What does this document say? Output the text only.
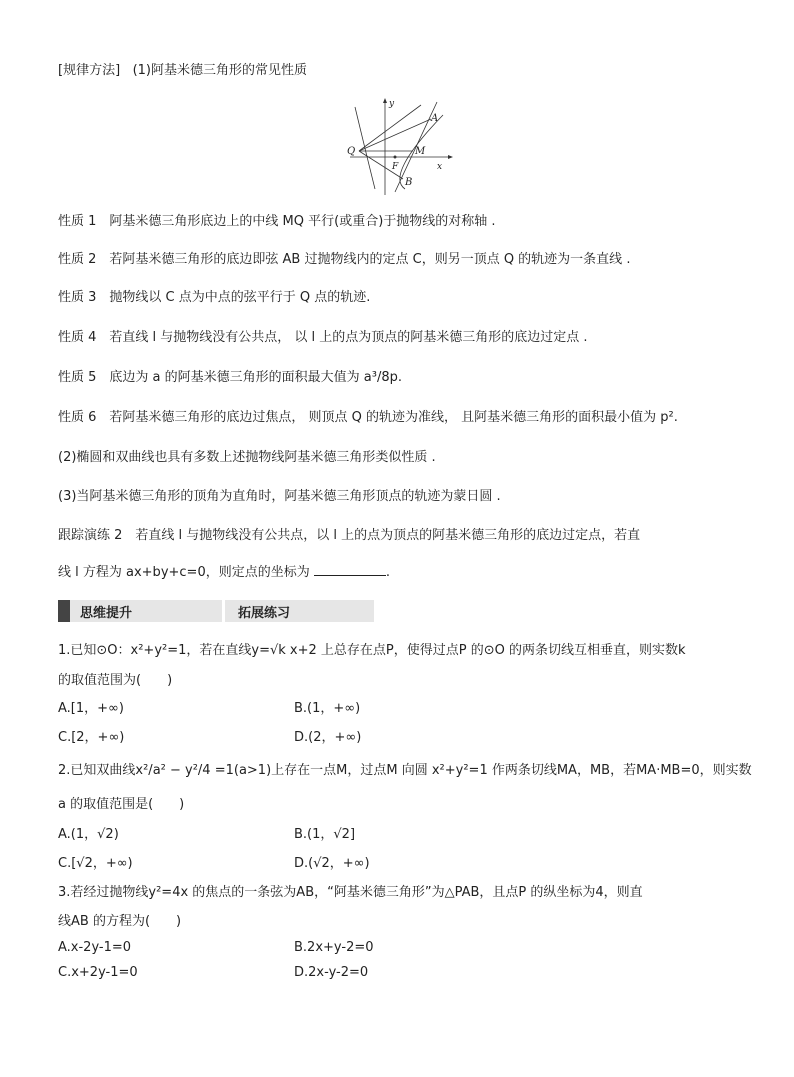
[规律方法] (1)阿基米德三角形的常见性质
y
A
Q	M
F	x
B
性质 1　阿基米德三角形底边上的中线 MQ 平行(或重合)于抛物线的对称轴 .
性质 2　若阿基米德三角形的底边即弦 AB 过抛物线内的定点 C，则另一顶点 Q 的轨迹为一条直线 .
性质 3　抛物线以 C 点为中点的弦平行于 Q 点的轨迹.
性质 4　若直线 l 与抛物线没有公共点， 以 l 上的点为顶点的阿基米德三角形的底边过定点 .
性质 5　底边为 a 的阿基米德三角形的面积最大值为 a³/8p.
性质 6　若阿基米德三角形的底边过焦点， 则顶点 Q 的轨迹为准线， 且阿基米德三角形的面积最小值为 p².
(2)椭圆和双曲线也具有多数上述抛物线阿基米德三角形类似性质 .
(3)当阿基米德三角形的顶角为直角时，阿基米德三角形顶点的轨迹为蒙日圆 .
跟踪演练 2　若直线 l 与抛物线没有公共点，以 l 上的点为顶点的阿基米德三角形的底边过定点，若直
线 l 方程为 ax+by+c=0，则定点的坐标为	.
思维提升	拓展练习
1.已知⊙O：x²+y²=1，若在直线y=√k x+2 上总存在点P，使得过点P 的⊙O 的两条切线互相垂直，则实数k
的取值范围为(　　)
A.[1，+∞)	B.(1，+∞)
C.[2，+∞)	D.(2，+∞)
2.已知双曲线x²/a² − y²/4 =1(a>1)上存在一点M，过点M 向圆 x²+y²=1 作两条切线MA，MB，若MA·MB=0，则实数
a 的取值范围是(　　)
A.(1，√2)	B.(1，√2]
C.[√2，+∞)	D.(√2，+∞)
3.若经过抛物线y²=4x 的焦点的一条弦为AB，“阿基米德三角形”为△PAB，且点P 的纵坐标为4，则直
线AB 的方程为(　　)
A.x-2y-1=0	B.2x+y-2=0
C.x+2y-1=0	D.2x-y-2=0
